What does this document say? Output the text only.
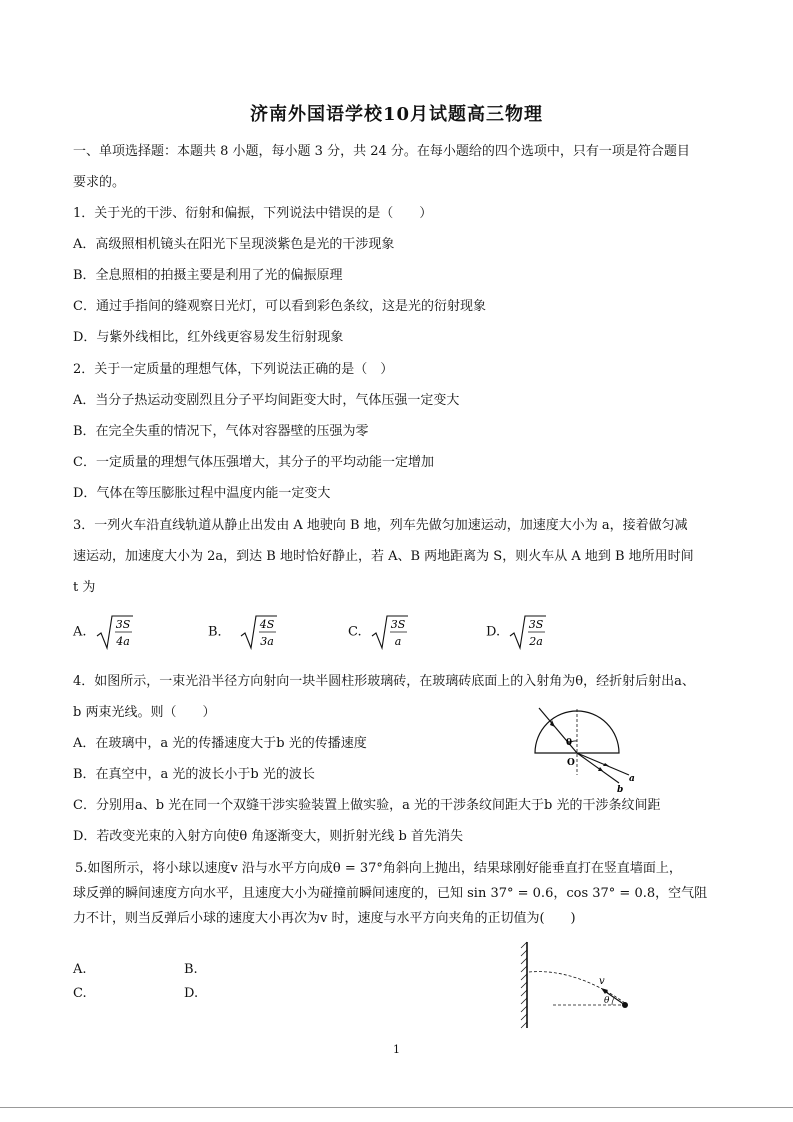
济南外国语学校10月试题高三物理
一、单项选择题：本题共 8 小题，每小题 3 分，共 24 分。在每小题给的四个选项中，只有一项是符合题目
要求的。
1．关于光的干涉、衍射和偏振，下列说法中错误的是（　　）
A．高级照相机镜头在阳光下呈现淡紫色是光的干涉现象
B．全息照相的拍摄主要是利用了光的偏振原理
C．通过手指间的缝观察日光灯，可以看到彩色条纹，这是光的衍射现象
D．与紫外线相比，红外线更容易发生衍射现象
2．关于一定质量的理想气体，下列说法正确的是（　）
A．当分子热运动变剧烈且分子平均间距变大时，气体压强一定变大
B．在完全失重的情况下，气体对容器壁的压强为零
C．一定质量的理想气体压强增大，其分子的平均动能一定增加
D．气体在等压膨胀过程中温度内能一定变大
3．一列火车沿直线轨道从静止出发由 A 地驶向 B 地，列车先做匀加速运动，加速度大小为 a，接着做匀减
速运动，加速度大小为 2a，到达 B 地时恰好静止，若 A、B 两地距离为 S，则火车从 A 地到 B 地所用时间
t 为
A.	3S
4a
B．	4S
3a
C.	3S
a
D.	3S
2a
4．如图所示，一束光沿半径方向射向一块半圆柱形玻璃砖，在玻璃砖底面上的入射角为θ，经折射后射出a、
b 两束光线。则（　　）
A．在玻璃中，a 光的传播速度大于b 光的传播速度
B．在真空中，a 光的波长小于b 光的波长
C．分别用a、b 光在同一个双缝干涉实验装置上做实验，a 光的干涉条纹间距大于b 光的干涉条纹间距
D．若改变光束的入射方向使θ 角逐渐变大，则折射光线 b 首先消失
θ
O
a
b
5.如图所示，将小球以速度v 沿与水平方向成θ = 37°角斜向上抛出，结果球刚好能垂直打在竖直墙面上，
球反弹的瞬间速度方向水平，且速度大小为碰撞前瞬间速度的，已知 sin 37° = 0.6，cos 37° = 0.8，空气阻
力不计，则当反弹后小球的速度大小再次为v 时，速度与水平方向夹角的正切值为(　　)
A.	B.
C.	D.
v
θ
1
